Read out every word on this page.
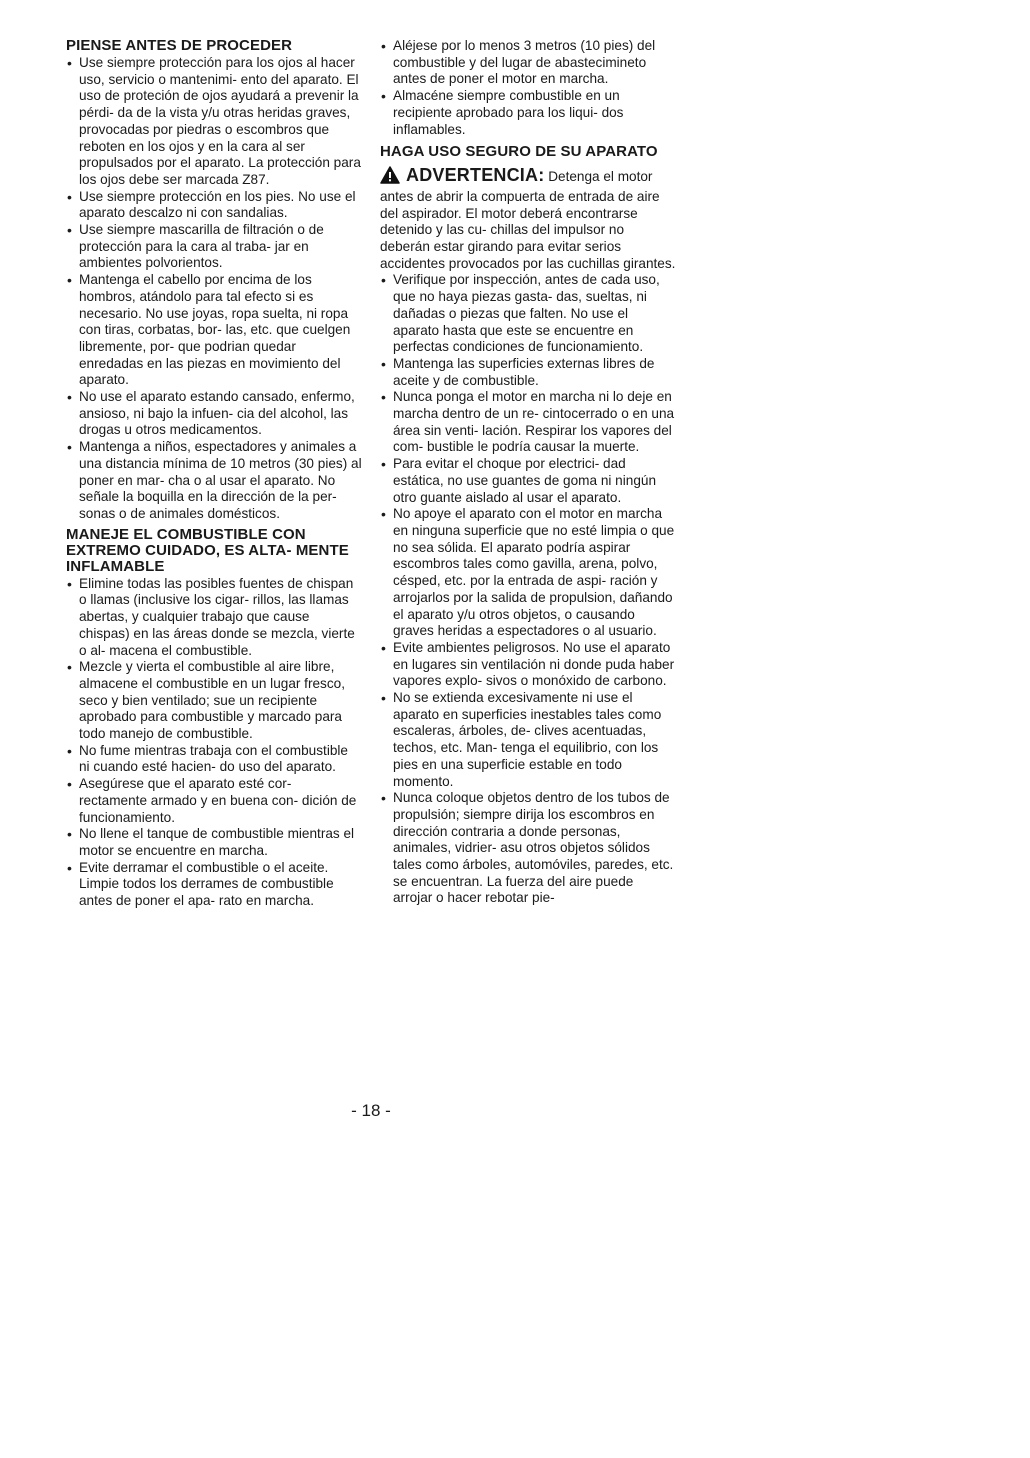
PIENSE ANTES DE PROCEDER
• Use siempre protección para los ojos al hacer uso, servicio o mantenimi- ento del aparato. El uso de proteción de ojos ayudará a prevenir la pérdi- da de la vista y/u otras heridas graves, provocadas por piedras o escombros que reboten en los ojos y en la cara al ser propulsados por el aparato. La protección para los ojos debe ser marcada Z87.
• Use siempre protección en los pies. No use el aparato descalzo ni con sandalias.
• Use siempre mascarilla de filtración o de protección para la cara al traba- jar en ambientes polvorientos.
• Mantenga el cabello por encima de los hombros, atándolo para tal efecto si es necesario. No use joyas, ropa suelta, ni ropa con tiras, corbatas, bor- las, etc. que cuelgen libremente, por- que podrian quedar enredadas en las piezas en movimiento del aparato.
• No use el aparato estando cansado, enfermo, ansioso, ni bajo la infuen- cia del alcohol, las drogas u otros medicamentos.
• Mantenga a niños, espectadores y animales a una distancia mínima de 10 metros (30 pies) al poner en mar- cha o al usar el aparato. No señale la boquilla en la dirección de la per- sonas o de animales domésticos.
MANEJE EL COMBUSTIBLE CON EXTREMO CUIDADO, ES ALTA- MENTE INFLAMABLE
• Elimine todas las posibles fuentes de chispan o llamas (inclusive los cigar- rillos, las llamas abertas, y cualquier trabajo que cause chispas) en las áreas donde se mezcla, vierte o al- macena el combustible.
• Mezcle y vierta el combustible al aire libre, almacene el combustible en un lugar fresco, seco y bien ventilado; sue un recipiente aprobado para combustible y marcado para todo manejo de combustible.
• No fume mientras trabaja con el combustible ni cuando esté hacien- do uso del aparato.
• Asegúrese que el aparato esté cor- rectamente armado y en buena con- dición de funcionamiento.
• No llene el tanque de combustible mientras el motor se encuentre en marcha.
• Evite derramar el combustible o el aceite. Limpie todos los derrames de combustible antes de poner el apa- rato en marcha.
• Aléjese por lo menos 3 metros (10 pies) del combustible y del lugar de abastecimineto antes de poner el motor en marcha.
• Almacéne siempre combustible en un recipiente aprobado para los liqui- dos inflamables.
HAGA USO SEGURO DE SU APARATO
ADVERTENCIA: Detenga el motor antes de abrir la compuerta de entrada de aire del aspirador. El motor deberá encontrarse detenido y las cu- chillas del impulsor no deberán estar girando para evitar serios accidentes provocados por las cuchillas girantes.
• Verifique por inspección, antes de cada uso, que no haya piezas gasta- das, sueltas, ni dañadas o piezas que falten. No use el aparato hasta que este se encuentre en perfectas condiciones de funcionamiento.
• Mantenga las superficies externas libres de aceite y de combustible.
• Nunca ponga el motor en marcha ni lo deje en marcha dentro de un re- cintocerrado o en una área sin venti- lación. Respirar los vapores del com- bustible le podría causar la muerte.
• Para evitar el choque por electrici- dad estática, no use guantes de goma ni ningún otro guante aislado al usar el aparato.
• No apoye el aparato con el motor en marcha en ninguna superficie que no esté limpia o que no sea sólida. El aparato podría aspirar escombros tales como gavilla, arena, polvo, césped, etc. por la entrada de aspi- ración y arrojarlos por la salida de propulsion, dañando el aparato y/u otros objetos, o causando graves heridas a espectadores o al usuario.
• Evite ambientes peligrosos. No use el aparato en lugares sin ventilación ni donde puda haber vapores explo- sivos o monóxido de carbono.
• No se extienda excesivamente ni use el aparato en superficies inestables tales como escaleras, árboles, de- clives acentuadas, techos, etc. Man- tenga el equilibrio, con los pies en una superficie estable en todo momento.
• Nunca coloque objetos dentro de los tubos de propulsión; siempre dirija los escombros en dirección contraria a donde personas, animales, vidrier- asu otros objetos sólidos tales como árboles, automóviles, paredes, etc. se encuentran. La fuerza del aire puede arrojar o hacer rebotar pie-
- 18 -
